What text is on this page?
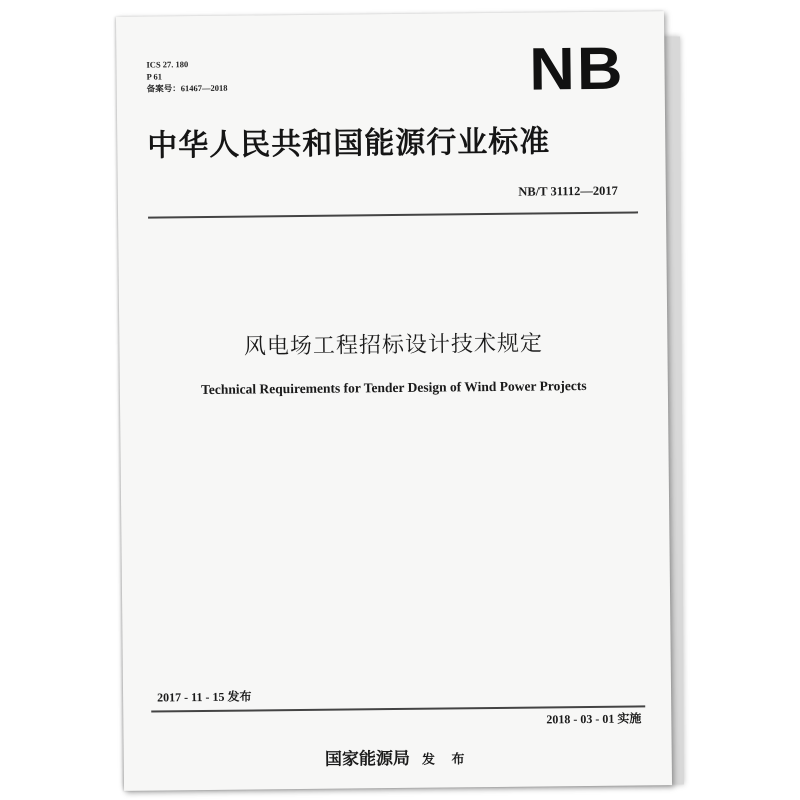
ICS 27. 180
P 61
备案号：61467—2018	NB
中华人民共和国能源行业标准
NB/T 31112—2017
风电场工程招标设计技术规定
Technical Requirements for Tender Design of Wind Power Projects
2017 - 11 - 15 发布
2018 - 03 - 01 实施
国家能源局 发 布
